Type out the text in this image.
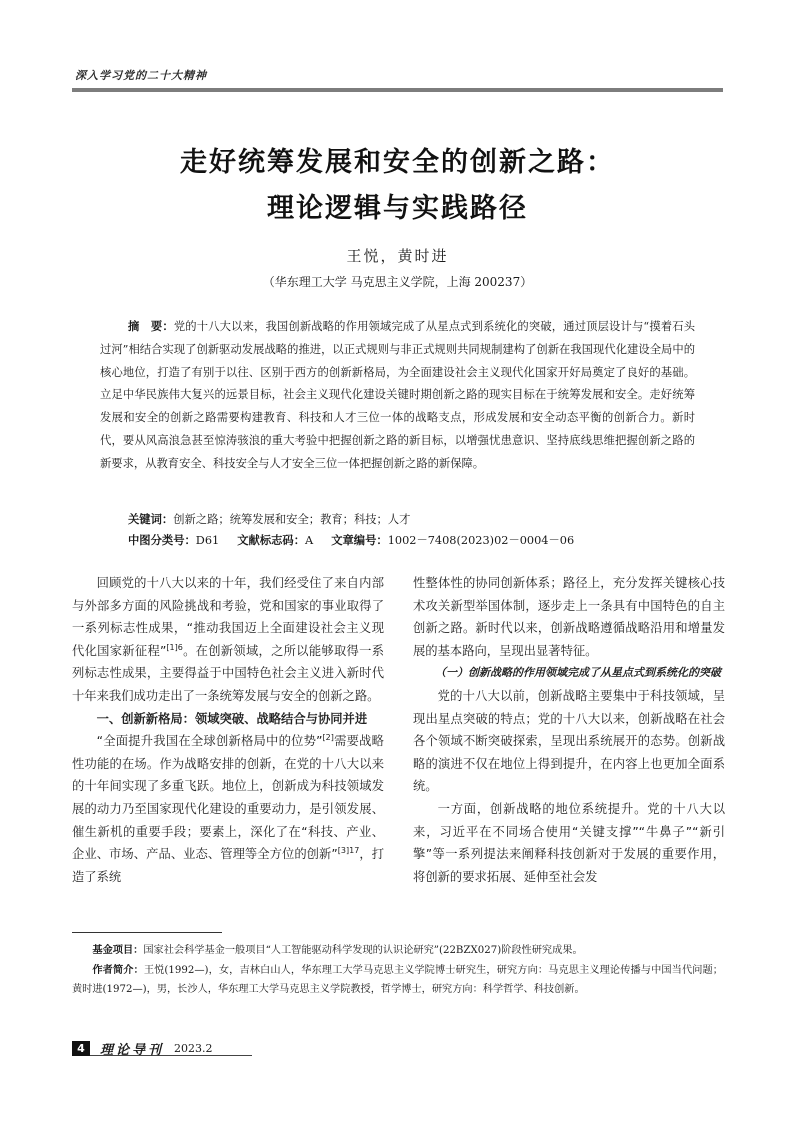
深入学习党的二十大精神
走好统筹发展和安全的创新之路：
理论逻辑与实践路径
王悦，黄时进
（华东理工大学 马克思主义学院，上海 200237）
摘　要：党的十八大以来，我国创新战略的作用领域完成了从星点式到系统化的突破，通过顶层设计与“摸着石头过河”相结合实现了创新驱动发展战略的推进，以正式规则与非正式规则共同规制建构了创新在我国现代化建设全局中的核心地位，打造了有别于以往、区别于西方的创新新格局，为全面建设社会主义现代化国家开好局奠定了良好的基础。立足中华民族伟大复兴的远景目标，社会主义现代化建设关键时期创新之路的现实目标在于统筹发展和安全。走好统筹发展和安全的创新之路需要构建教育、科技和人才三位一体的战略支点，形成发展和安全动态平衡的创新合力。新时代，要从风高浪急甚至惊涛骇浪的重大考验中把握创新之路的新目标，以增强忧患意识、坚持底线思维把握创新之路的新要求，从教育安全、科技安全与人才安全三位一体把握创新之路的新保障。
关键词：创新之路；统筹发展和安全；教育；科技；人才
中图分类号：D61 文献标志码：A 文章编号：1002－7408(2023)02－0004－06

回顾党的十八大以来的十年，我们经受住了来自内部与外部多方面的风险挑战和考验，党和国家的事业取得了一系列标志性成果，“推动我国迈上全面建设社会主义现代化国家新征程”$^{[1]6}$。在创新领域，之所以能够取得一系列标志性成果，主要得益于中国特色社会主义进入新时代十年来我们成功走出了一条统筹发展与安全的创新之路。

一、创新新格局：领域突破、战略结合与协同并进

“全面提升我国在全球创新格局中的位势”[2]需要战略性功能的在场。作为战略安排的创新，在党的十八大以来的十年间实现了多重飞跃。地位上，创新成为科技领域发展的动力乃至国家现代化建设的重要动力，是引领发展、催生新机的重要手段；要素上，深化了在“科技、产业、企业、市场、产品、业态、管理等全方位的创新”$^{[3]17}$，打造了系统

性整体性的协同创新体系；路径上，充分发挥关键核心技术攻关新型举国体制，逐步走上一条具有中国特色的自主创新之路。新时代以来，创新战略遵循战略沿用和增量发展的基本路向，呈现出显著特征。

（一）创新战略的作用领域完成了从星点式到系统化的突破

党的十八大以前，创新战略主要集中于科技领域，呈现出星点突破的特点；党的十八大以来，创新战略在社会各个领域不断突破探索，呈现出系统展开的态势。创新战略的演进不仅在地位上得到提升，在内容上也更加全面系统。

一方面，创新战略的地位系统提升。党的十八大以来，习近平在不同场合使用“关键支撑”“牛鼻子”“新引擎”等一系列提法来阐释科技创新对于发展的重要作用，将创新的要求拓展、延伸至社会发

基金项目：国家社会科学基金一般项目“人工智能驱动科学发现的认识论研究”(22BZX027)阶段性研究成果。

作者简介：王悦(1992—)，女，吉林白山人，华东理工大学马克思主义学院博士研究生，研究方向：马克思主义理论传播与中国当代问题；黄时进(1972—)，男，长沙人，华东理工大学马克思主义学院教授，哲学博士，研究方向：科学哲学、科技创新。

4	理论导刊 2023.2
